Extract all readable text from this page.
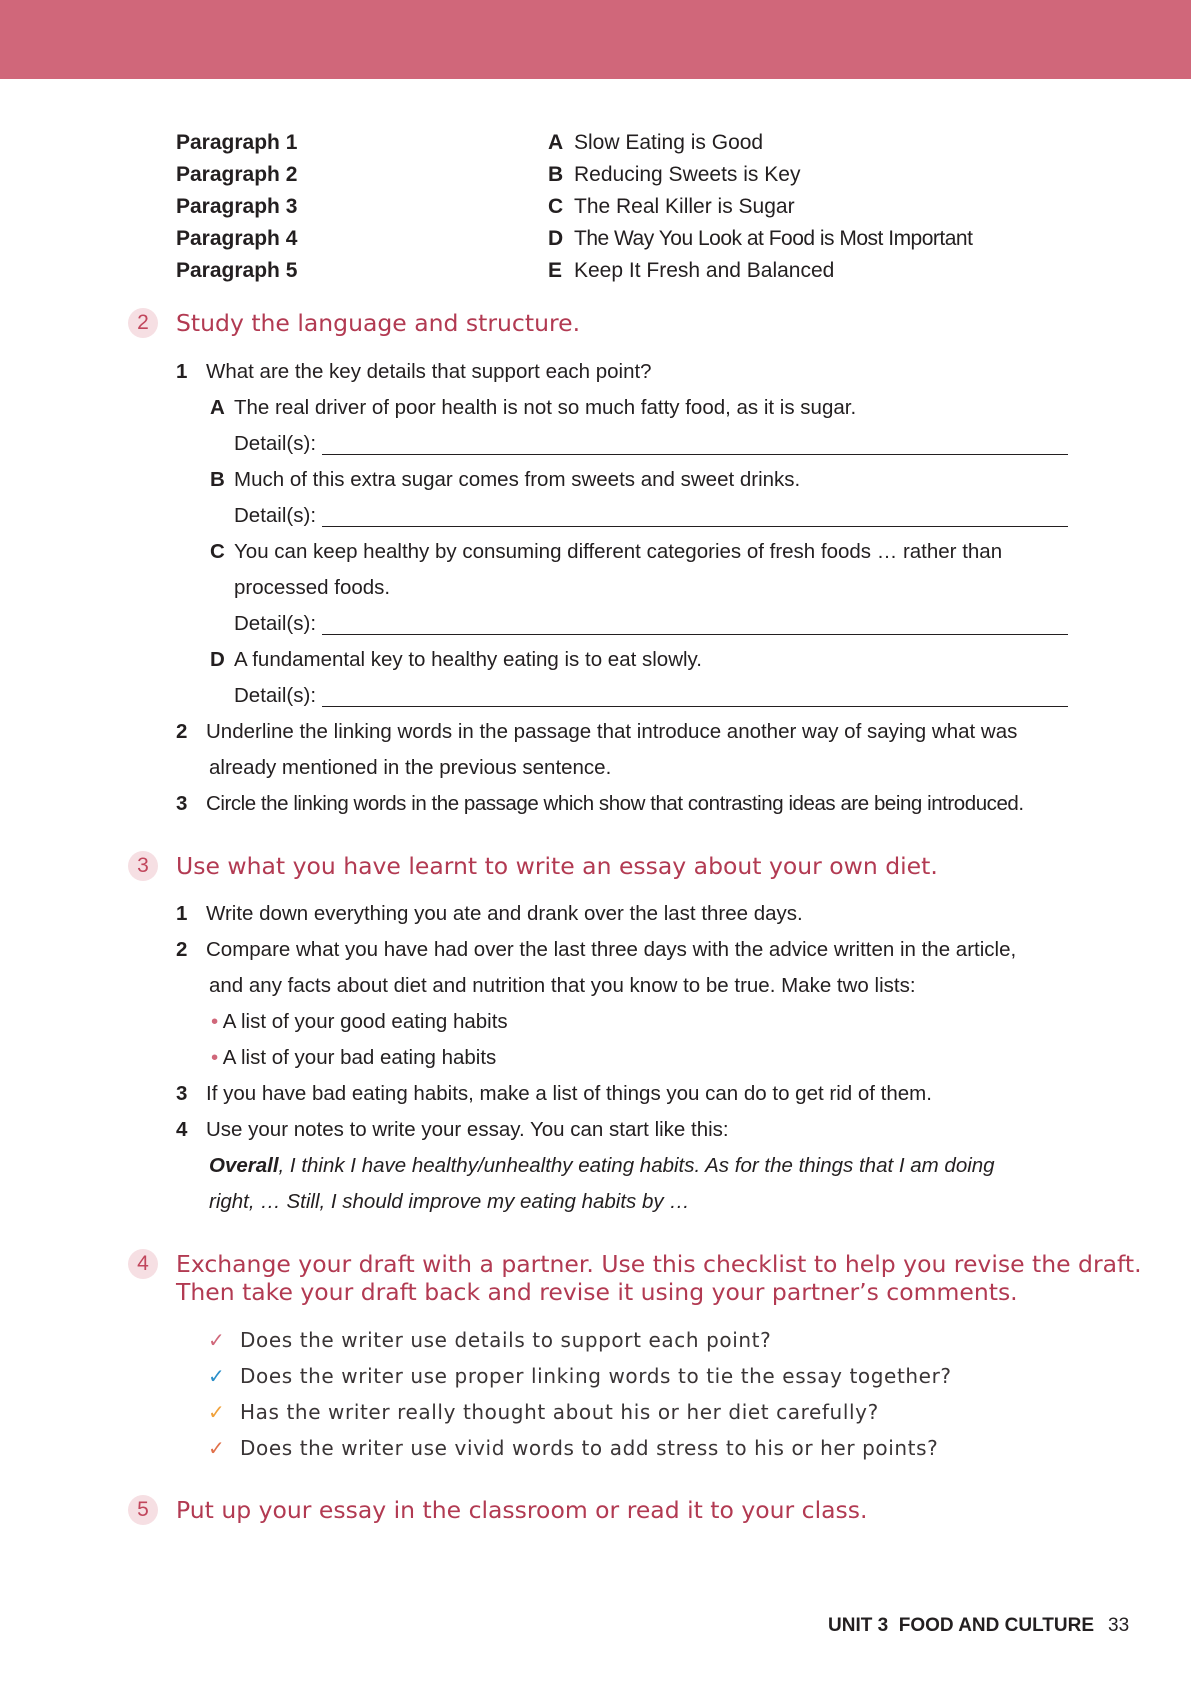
Paragraph 1	A Slow Eating is Good
Paragraph 2	B Reducing Sweets is Key
Paragraph 3	C The Real Killer is Sugar
Paragraph 4	D The Way You Look at Food is Most Important
Paragraph 5	E Keep It Fresh and Balanced
2	Study the language and structure.
1 What are the key details that support each point?
A The real driver of poor health is not so much fatty food, as it is sugar.
Detail(s):
B Much of this extra sugar comes from sweets and sweet drinks.
Detail(s):
C You can keep healthy by consuming different categories of fresh foods … rather than
processed foods.
Detail(s):
D A fundamental key to healthy eating is to eat slowly.
Detail(s):
2 Underline the linking words in the passage that introduce another way of saying what was
already mentioned in the previous sentence.
3 Circle the linking words in the passage which show that contrasting ideas are being introduced.
3	Use what you have learnt to write an essay about your own diet.
1 Write down everything you ate and drank over the last three days.
2 Compare what you have had over the last three days with the advice written in the article,
and any facts about diet and nutrition that you know to be true. Make two lists:
• A list of your good eating habits
• A list of your bad eating habits
3 If you have bad eating habits, make a list of things you can do to get rid of them.
4 Use your notes to write your essay. You can start like this:
Overall, I think I have healthy/unhealthy eating habits. As for the things that I am doing
right, … Still, I should improve my eating habits by …
4	Exchange your draft with a partner. Use this checklist to help you revise the draft.
Then take your draft back and revise it using your partner’s comments.
✓ Does the writer use details to support each point?
✓ Does the writer use proper linking words to tie the essay together?
✓ Has the writer really thought about his or her diet carefully?
✓ Does the writer use vivid words to add stress to his or her points?
5	Put up your essay in the classroom or read it to your class.
UNIT 3  FOOD AND CULTURE 33
